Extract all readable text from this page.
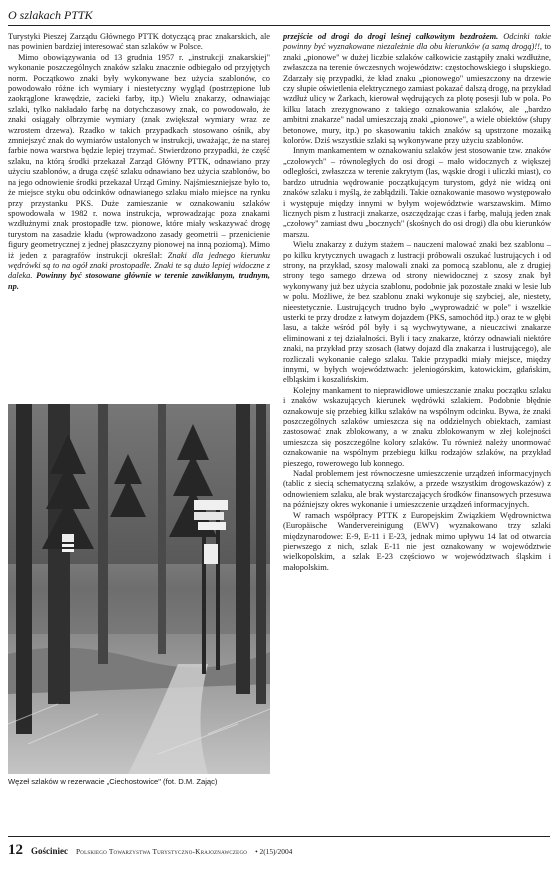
O szlakach PTTK

Turystyki Pieszej Zarządu Głównego PTTK dotyczącą prac znakarskich, ale nas powinien bardziej interesować stan szlaków w Polsce.

Mimo obowiązywania od 13 grudnia 1957 r. „instrukcji znakarskiej" wykonanie poszczególnych znaków szlaku znacznie odbiegało od przyjętych norm. Początkowo znaki były wykonywane bez użycia szablonów, co powodowało różne ich wymiary i niestetyczny wygląd (postrzępione lub zaokrąglone krawędzie, zacieki farby, itp.) Wielu znakarzy, odnawiając szlaki, tylko nakładało farbę na dotychczasowy znak, co powodowało, że znaki osiągały olbrzymie wymiary (znak zwiększał wymiary wraz ze wzrostem drzewa). Rzadko w takich przypadkach stosowano ośnik, aby zmniejszyć znak do wymiarów ustalonych w instrukcji, uważając, że na starej farbie nowa warstwa będzie lepiej trzymać. Stwierdzono przypadki, że część szlaku, na którą środki przekazał Zarząd Główny PTTK, odnawiano przy użyciu szablonów, a druga część szlaku odnawiano bez użycia szablonów, bo na jego odnowienie środki przekazał Urząd Gminy. Najśmieszniejsze było to, że miejsce styku obu odcinków odnawianego szlaku miało miejsce na rynku przy przystanku PKS. Duże zamieszanie w oznakowaniu szlaków spowodowała w 1982 r. nowa instrukcja, wprowadzając poza znakami wzdłużnymi znak prostopadłe tzw. pionowe, które miały wskazywać drogę turystom na zasadzie kładu (wprowadzono zasady geometrii – przenicienie figury geometrycznej z jednej płaszczyzny pionowej na inną poziomą). Mimo iż jeden z paragrafów instrukcji określał: Znaki dla jednego kierunku wędrówki są to na ogół znaki prostopadłe. Znaki te są dużo lepiej widoczne z daleka. Powinny być stosowane głównie w terenie zawikłanym, trudnym, np.

Węzeł szlaków w rezerwacie „Ciechostowice" (fot. D.M. Zając)

przejście od drogi do drogi leśnej całkowitym bezdrożem. Odcinki takie powinny być wyznakowane niezależnie dla obu kierunków (a samą drogą)!!, to znaki „pionowe" w dużej liczbie szlaków całkowicie zastąpiły znaki wzdłużne, zwłaszcza na terenie ówczesnych województw: częstochowskiego i słupskiego. Zdarzały się przypadki, że kład znaku „pionowego" umieszczony na drzewie czy słupie oświetlenia elektrycznego zamiast pokazać dalszą drogę, na przykład wzdłuż ulicy w Żarkach, kierował wędrujących za plotę posesji lub w pola. Po kilku latach zrezygnowano z takiego oznakowania szlaków, ale „bardzo ambitni znakarze" nadal umieszczają znaki „pionowe", a wiele obiektów (słupy betonowe, mury, itp.) po skasowaniu takich znaków są upstrzone mozaiką kolorów. Dziś wszystkie szlaki są wykonywane przy użyciu szablonów.

Innym mankamentem w oznakowaniu szlaków jest stosowanie tzw. znaków „czołowych" – równoległych do osi drogi – mało widocznych z większej odległości, zwłaszcza w terenie zakrytym (las, wąskie drogi i uliczki miast), co bardzo utrudnia wędrowanie początkującym turystom, gdyż nie widzą oni znaków szlaku i myślą, że zabłądzili. Takie oznakowanie masowo występowało i występuje między innymi w byłym województwie warszawskim. Mimo licznych pism z lustracji znakarze, oszczędzając czas i farbę, malują jeden znak „czołowy" zamiast dwu „bocznych" (skośnych do osi drogi) dla obu kierunków marszu.

Wielu znakarzy z dużym stażem – nauczeni malować znaki bez szablonu – po kilku krytycznych uwagach z lustracji próbowali oszukać lustrujących i od strony, na przykład, szosy malowali znaki za pomocą szablonu, ale z drugiej strony tego samego drzewa od strony niewidocznej z szosy znak był wykonywany już bez użycia szablonu, podobnie jak pozostałe znaki w lesie lub w polu. Możliwe, że bez szablonu znaki wykonuje się szybciej, ale, niestety, nieestetycznie. Lustrujących trudno było „wyprowadzić w pole" i wszelkie usterki te przy drodze z łatwym dojazdem (PKS, samochód itp.) oraz te w głębi lasu, a także wśród pól były i są wychwytywane, a nieuczciwi znakarze eliminowani z tej działalności. Byli i tacy znakarze, którzy odnawiali niektóre znaki, na przykład przy szosach (łatwy dojazd dla znakarza i lustrującego), ale rozliczali wykonanie całego szlaku. Takie przypadki miały miejsce, między innymi, w byłych województwach: jeleniogórskim, katowickim, gdańskim, elbląskim i koszalińskim.

Kolejny mankament to nieprawidłowe umieszczanie znaku początku szlaku i znaków wskazujących kierunek wędrówki szlakiem. Podobnie błędnie oznakowuje się przebieg kilku szlaków na wspólnym odcinku. Bywa, że znaki poszczególnych szlaków umieszcza się na oddzielnych obiektach, zamiast zastosować znak zblokowany, a w znaku zblokowanym w złej kolejności umieszcza się poszczególne kolory szlaków. Tu również należy unormować oznakowanie na wspólnym przebiegu kilku rodzajów szlaków, na przykład pieszego, rowerowego lub konnego.

Nadal problemem jest równoczesne umieszczenie urządzeń informacyjnych (tablic z siecią schematyczną szlaków, a przede wszystkim drogowskazów) z odnowieniem szlaku, ale brak wystarczających środków finansowych przesuwa na późniejszy okres wykonanie i umieszczenie urządzeń informacyjnych.

W ramach współpracy PTTK z Europejskim Związkiem Wędrownictwa (Europäische Wandervereinigung (EWV) wyznakowano trzy szlaki międzynarodowe: E-9, E-11 i E-23, jednak mimo upływu 14 lat od otwarcia pierwszego z nich, szlak E-11 nie jest oznakowany w województwie wielkopolskim, a szlak E-23 częściowo w województwach śląskim i małopolskim.

12 Gościniec Polskiego Towarzystwa Turystyczno-Krajoznawczego • 2(15)/2004
